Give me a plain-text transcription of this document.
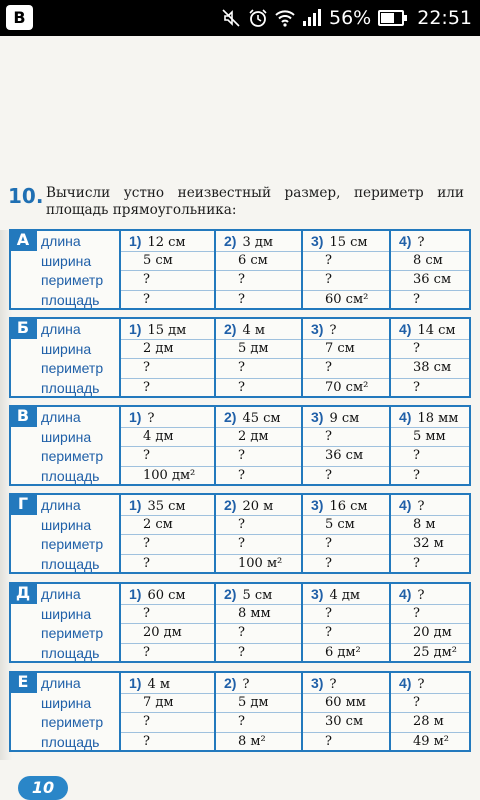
B	56% 22:51
10. Вычисли устно неизвестный размер, периметр или площадь прямоугольника:
А длина	1) 12 см	2) 3 дм	3) 15 см 4) ?
ширина	5 см	6 см	?	8 см
периметр	?	?	?	36 см
площадь	?	?	60 см²	?
Б длина	1) 15 дм	2) 4 м	3) ?	4) 14 см
ширина	2 дм	5 дм	7 см	?
периметр	?	?	?	38 см
площадь	?	?	70 см²	?
В длина	1) ?	2) 45 см 3) 9 см	4) 18 мм
ширина	4 дм	2 дм	?	5 мм
периметр	?	?	36 см	?
площадь	100 дм²	?	?	?
Г длина	1) 35 см	2) 20 м	3) 16 см 4) ?
ширина	2 см	?	5 см	8 м
периметр	?	?	?	32 м
площадь	?	100 м²	?	?
Д длина	1) 60 см	2) 5 см	3) 4 дм	4) ?
ширина	?	8 мм	?	?
периметр	20 дм	?	?	20 дм
площадь	?	?	6 дм²	25 дм²
Е длина	1) 4 м	2) ?	3) ?	4) ?
ширина	7 дм	5 дм	60 мм	?
периметр	?	?	30 см	28 м
площадь	?	8 м²	?	49 м²
10
